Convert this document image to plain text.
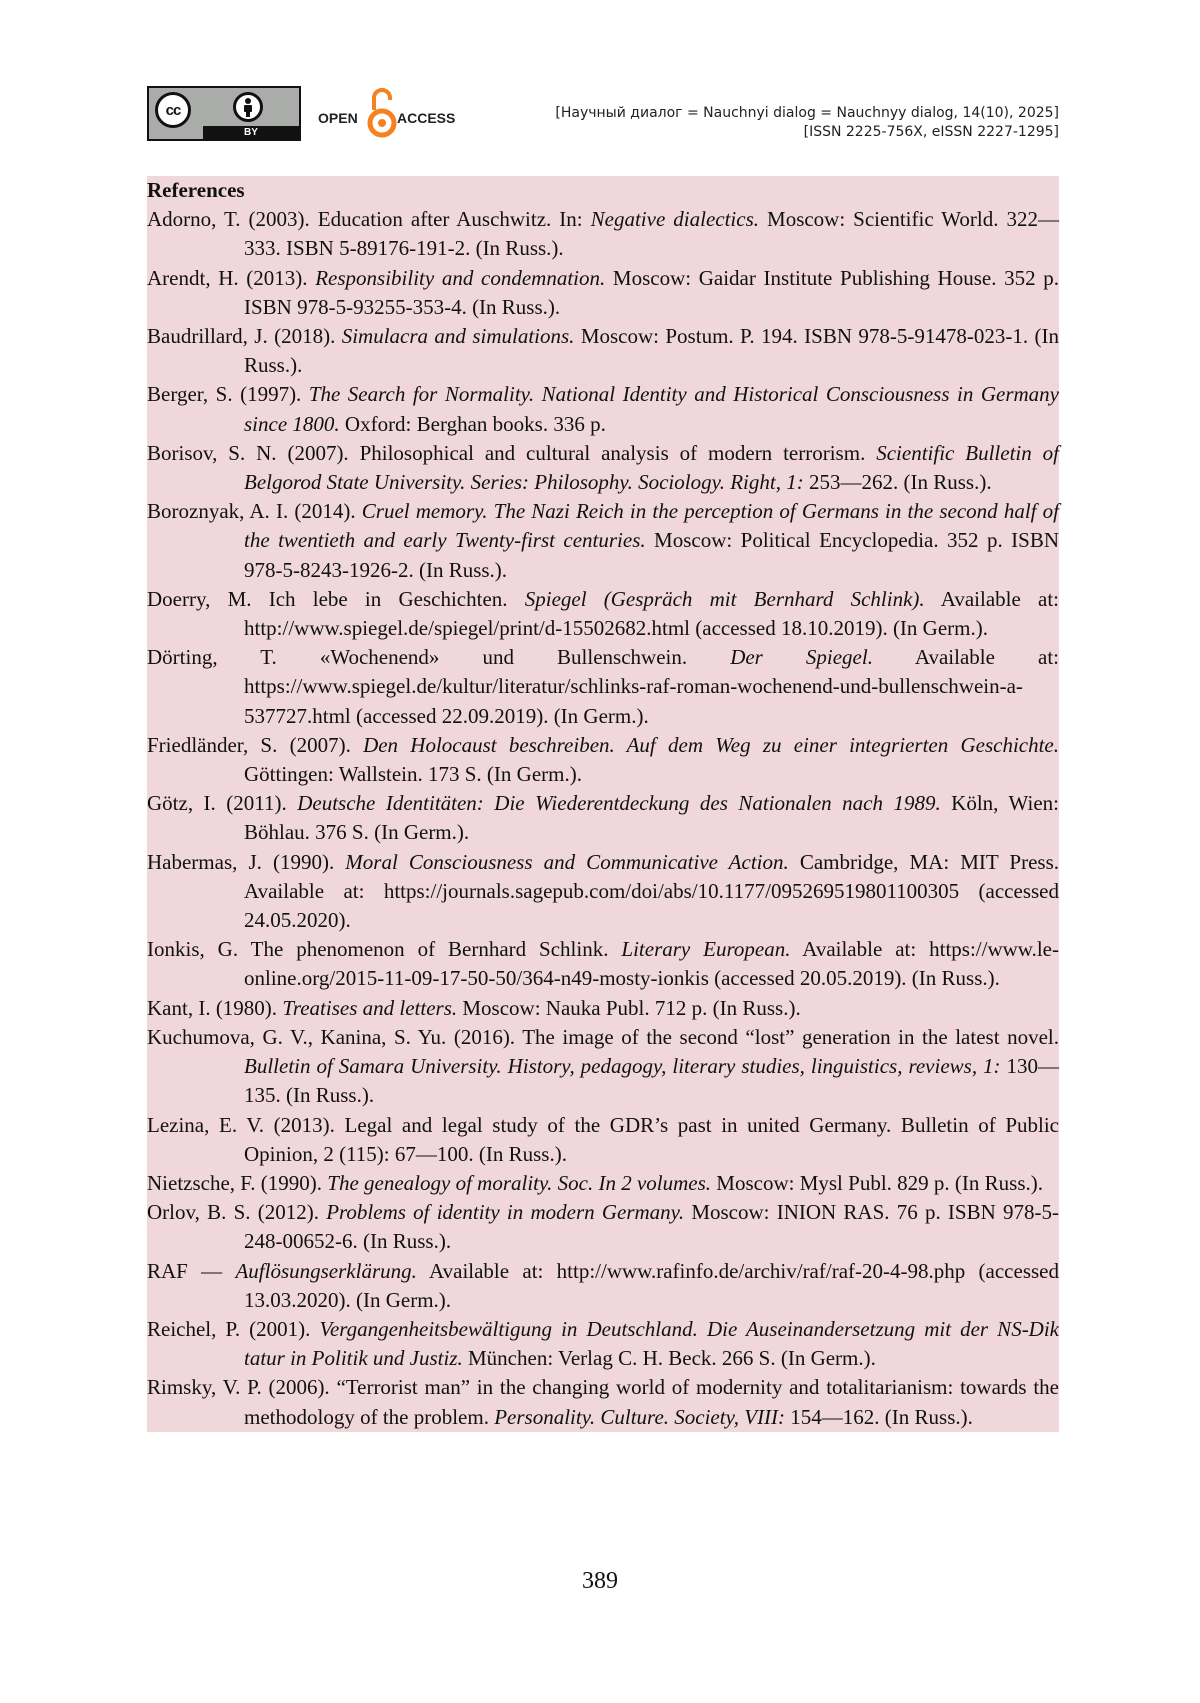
cc
BY
OPEN	ACCESS	[Научный диалог = Nauchnyi dialog = Nauchnyy dialog, 14(10), 2025]
[ISSN 2225-756X, eISSN 2227-1295]
References
Adorno, T. (2003). Education after Auschwitz. In: Negative dialectics. Moscow: Scientific World. 322—333. ISBN 5-89176-191-2. (In Russ.).
Arendt, H. (2013). Responsibility and condemnation. Moscow: Gaidar Institute Publishing House. 352 p. ISBN 978-5-93255-353-4. (In Russ.).
Baudrillard, J. (2018). Simulacra and simulations. Moscow: Postum. P. 194. ISBN 978-5-91478-023-1. (In Russ.).
Berger, S. (1997). The Search for Normality. National Identity and Historical Consciousness in Germany since 1800. Oxford: Berghan books. 336 p.
Borisov, S. N. (2007). Philosophical and cultural analysis of modern terrorism. Scientific Bulletin of Belgorod State University. Series: Philosophy. Sociology. Right, 1: 253—262. (In Russ.).
Boroznyak, A. I. (2014). Cruel memory. The Nazi Reich in the perception of Germans in the second half of the twentieth and early Twenty-first centuries. Moscow: Political Encyclopedia. 352 p. ISBN 978-5-8243-1926-2. (In Russ.).
Doerry, M. Ich lebe in Geschichten. Spiegel (Gespräch mit Bernhard Schlink). Available at: http://www.spiegel.de/spiegel/print/d-15502682.html (accessed 18.10.2019). (In Germ.).
Dörting, T. «Wochenend» und Bullenschwein. Der Spiegel. Available at: https://www.spiegel.de/kultur/literatur/schlinks-raf-roman-wochenend-und-bullenschwein-a-537727.html (accessed 22.09.2019). (In Germ.).
Friedländer, S. (2007). Den Holocaust beschreiben. Auf dem Weg zu einer integrierten Geschichte. Göttingen: Wallstein. 173 S. (In Germ.).
Götz, I. (2011). Deutsche Identitäten: Die Wiederentdeckung des Nationalen nach 1989. Köln, Wien: Böhlau. 376 S. (In Germ.).
Habermas, J. (1990). Moral Consciousness and Communicative Action. Cambridge, MA: MIT Press. Available at: https://journals.sagepub.com/doi/abs/10.1177/095269519801100305 (accessed 24.05.2020).
Ionkis, G. The phenomenon of Bernhard Schlink. Literary European. Available at: https://www.le-online.org/2015-11-09-17-50-50/364-n49-mosty-ionkis (accessed 20.05.2019). (In Russ.).
Kant, I. (1980). Treatises and letters. Moscow: Nauka Publ. 712 p. (In Russ.).
Kuchumova, G. V., Kanina, S. Yu. (2016). The image of the second “lost” generation in the latest novel. Bulletin of Samara University. History, pedagogy, literary studies, linguistics, reviews, 1: 130—135. (In Russ.).
Lezina, E. V. (2013). Legal and legal study of the GDR’s past in united Germany. Bulletin of Public Opinion, 2 (115): 67—100. (In Russ.).
Nietzsche, F. (1990). The genealogy of morality. Soc. In 2 volumes. Moscow: Mysl Publ. 829 p. (In Russ.).
Orlov, B. S. (2012). Problems of identity in modern Germany. Moscow: INION RAS. 76 p. ISBN 978-5-248-00652-6. (In Russ.).
RAF — Auflösungserklärung. Available at: http://www.rafinfo.de/archiv/raf/raf-20-4-98.php (accessed 13.03.2020). (In Germ.).
Reichel, P. (2001). Vergangenheitsbewältigung in Deutschland. Die Auseinandersetzung mit der NS-Dik tatur in Politik und Justiz. München: Verlag C. H. Beck. 266 S. (In Germ.).
Rimsky, V. P. (2006). “Terrorist man” in the changing world of modernity and totalitarianism: towards the methodology of the problem. Personality. Culture. Society, VIII: 154—162. (In Russ.).
389
